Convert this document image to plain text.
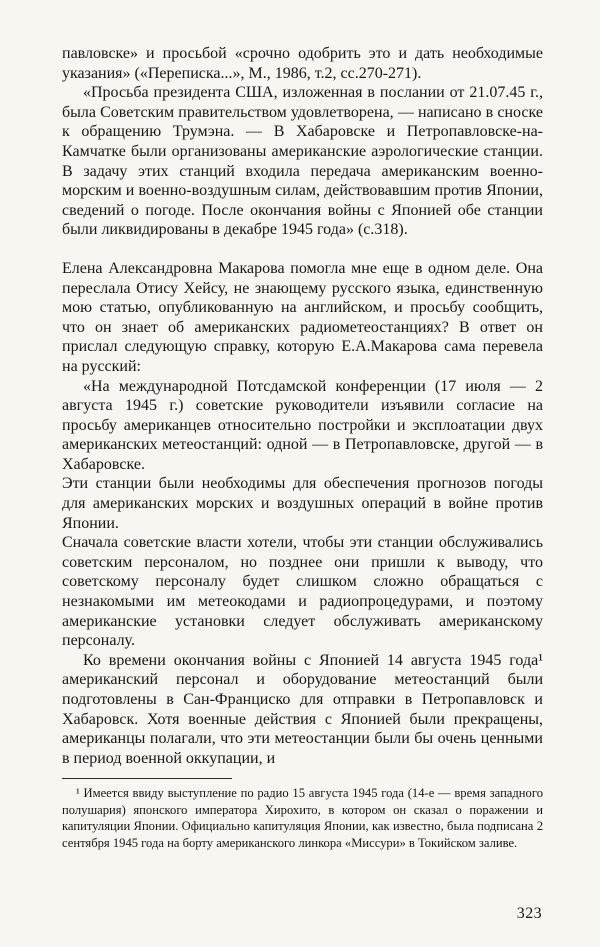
павловске» и просьбой «срочно одобрить это и дать необходимые указания» («Переписка...», М., 1986, т.2, сс.270-271).

«Просьба президента США, изложенная в послании от 21.07.45 г., была Советским правительством удовлетворена, — написано в сноске к обращению Трумэна. — В Хабаровске и Петропавловске-на-Камчатке были организованы американские аэрологические станции. В задачу этих станций входила передача американским военно-морским и военно-воздушным силам, действовавшим против Японии, сведений о погоде. После окончания войны с Японией обе станции были ликвидированы в декабре 1945 года» (с.318).

Елена Александровна Макарова помогла мне еще в одном деле. Она переслала Отису Хейсу, не знающему русского языка, единственную мою статью, опубликованную на английском, и просьбу сообщить, что он знает об американских радиометеостанциях? В ответ он прислал следующую справку, которую Е.А.Макарова сама перевела на русский:

«На международной Потсдамской конференции (17 июля — 2 августа 1945 г.) советские руководители изъявили согласие на просьбу американцев относительно постройки и эксплоатации двух американских метеостанций: одной — в Петропавловске, другой — в Хабаровске.

Эти станции были необходимы для обеспечения прогнозов погоды для американских морских и воздушных операций в войне против Японии.

Сначала советские власти хотели, чтобы эти станции обслуживались советским персоналом, но позднее они пришли к выводу, что советскому персоналу будет слишком сложно обращаться с незнакомыми им метеокодами и радиопроцедурами, и поэтому американские установки следует обслуживать американскому персоналу.

Ко времени окончания войны с Японией 14 августа 1945 года¹ американский персонал и оборудование метеостанций были подготовлены в Сан-Франциско для отправки в Петропавловск и Хабаровск. Хотя военные действия с Японией были прекращены, американцы полагали, что эти метеостанции были бы очень ценными в период военной оккупации, и

¹ Имеется ввиду выступление по радио 15 августа 1945 года (14-е — время западного полушария) японского императора Хирохито, в котором он сказал о поражении и капитуляции Японии. Официально капитуляция Японии, как известно, была подписана 2 сентября 1945 года на борту американского линкора «Миссури» в Токийском заливе.

323
